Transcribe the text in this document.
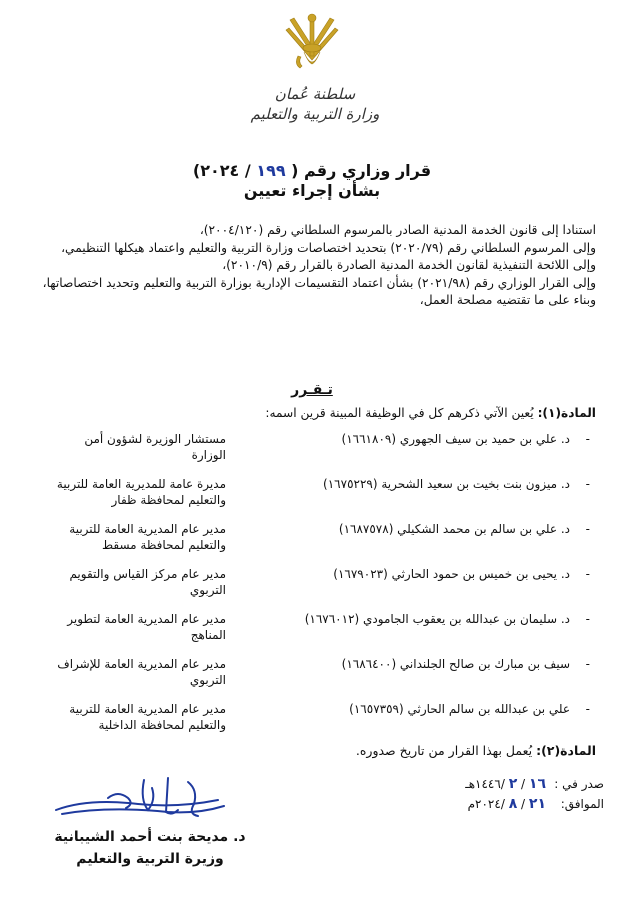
سلطنة عُمان
وزارة التربية والتعليم
قرار وزاري رقم ( ١٩٩ / ٢٠٢٤)
بشأن إجراء تعيين
استنادا إلى قانون الخدمة المدنية الصادر بالمرسوم السلطاني رقم (٢٠٠٤/١٢٠)،
وإلى المرسوم السلطاني رقم (٢٠٢٠/٧٩) بتحديد اختصاصات وزارة التربية والتعليم واعتماد هيكلها التنظيمي،
وإلى اللائحة التنفيذية لقانون الخدمة المدنية الصادرة بالقرار رقم (٢٠١٠/٩)،
وإلى القرار الوزاري رقم (٢٠٢١/٩٨) بشأن اعتماد التقسيمات الإدارية بوزارة التربية والتعليم وتحديد اختصاصاتها،
وبناء على ما تقتضيه مصلحة العمل،
تـقـرر
المادة(١): يُعين الآتي ذكرهم كل في الوظيفة المبينة قرين اسمه:
-
د. علي بن حميد بن سيف الجهوري (١٦٦١٨٠٩)
مستشار الوزيرة لشؤون أمن الوزارة
-
د. ميزون بنت بخيت بن سعيد الشحرية (١٦٧٥٢٢٩)
مديرة عامة للمديرية العامة للتربية والتعليم لمحافظة ظفار
-
د. علي بن سالم بن محمد الشكيلي (١٦٨٧٥٧٨)
مدير عام المديرية العامة للتربية والتعليم لمحافظة مسقط
-
د. يحيى بن خميس بن حمود الحارثي (١٦٧٩٠٢٣)
مدير عام مركز القياس والتقويم التربوي
-
د. سليمان بن عبدالله بن يعقوب الجامودي (١٦٧٦٠١٢)
مدير عام المديرية العامة لتطوير المناهج
-
سيف بن مبارك بن صالح الجلنداني (١٦٨٦٤٠٠)
مدير عام المديرية العامة للإشراف التربوي
-
علي بن عبدالله بن سالم الحارثي (١٦٥٧٣٥٩)
مدير عام المديرية العامة للتربية والتعليم لمحافظة الداخلية
المادة(٢): يُعمل بهذا القرار من تاريخ صدوره.
صدر في :
١٦ / ٢ /١٤٤٦هـ
الموافق:
٢١ / ٨ /٢٠٢٤م
د. مديحة بنت أحمد الشيبانية
وزيرة التربية والتعليم
